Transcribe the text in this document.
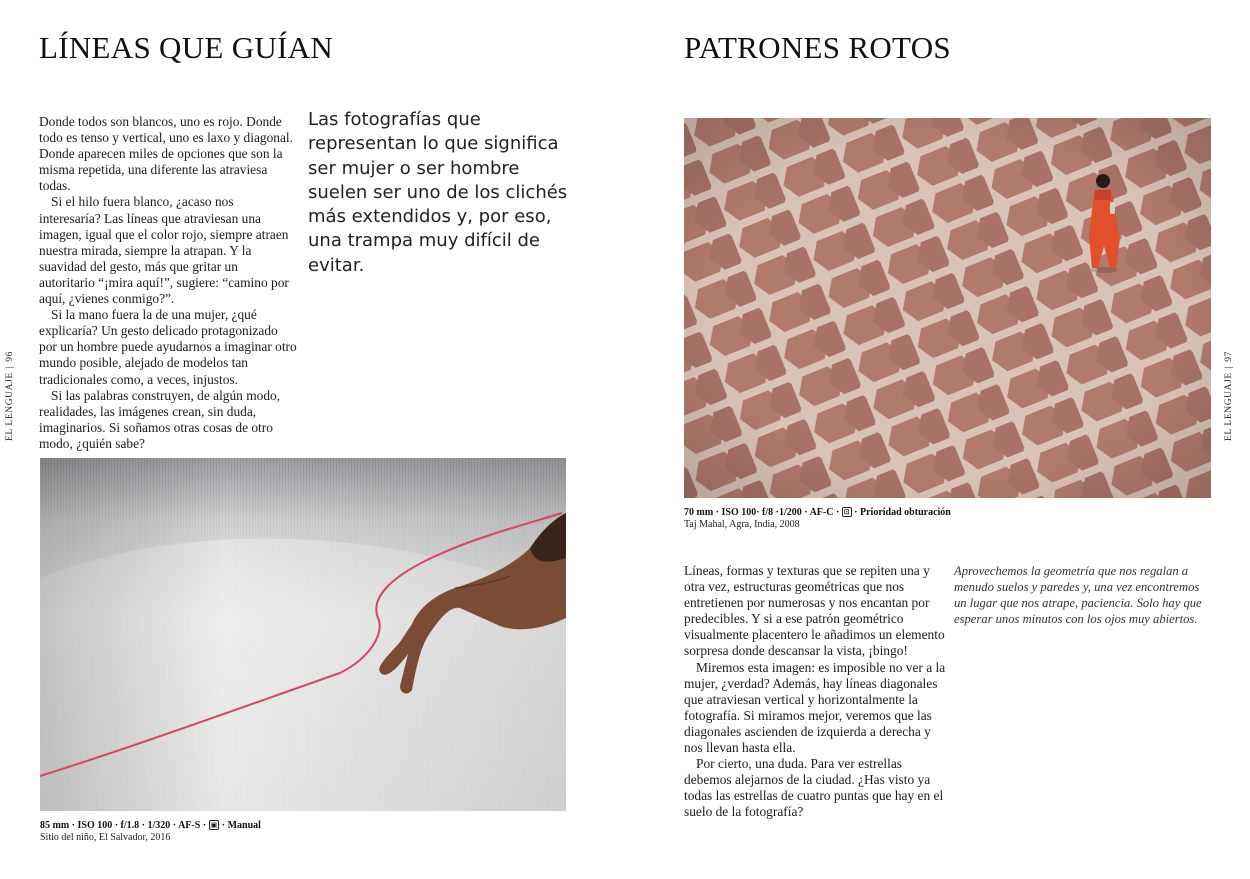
LÍNEAS QUE GUÍAN

Donde todos son blancos, uno es rojo. Donde todo es tenso y vertical, uno es laxo y diagonal. Donde aparecen miles de opciones que son la misma repetida, una diferente las atraviesa todas.

Si el hilo fuera blanco, ¿acaso nos interesaría? Las líneas que atraviesan una imagen, igual que el color rojo, siempre atraen nuestra mirada, siempre la atrapan. Y la suavidad del gesto, más que gritar un autoritario “¡mira aquí!”, sugiere: “camino por aquí, ¿vienes conmigo?”.

Si la mano fuera la de una mujer, ¿qué explicaría? Un gesto delicado protagonizado por un hombre puede ayudarnos a imaginar otro mundo posible, alejado de modelos tan tradicionales como, a veces, injustos.

Si las palabras construyen, de algún modo, realidades, las imágenes crean, sin duda, imaginarios. Si soñamos otras cosas de otro modo, ¿quién sabe?

Las fotografías que representan lo que significa ser mujer o ser hombre suelen ser uno de los clichés más extendidos y, por eso, una trampa muy difícil de evitar.
EL LENGUAJE|96
85 mm · ISO 100 · f/1.8 · 1/320 · AF-S · ▣ · Manual
Sitio del niño, El Salvador, 2016
PATRONES ROTOS
70 mm · ISO 100· f/8 ·1/200 · AF-C · ⊡ · Prioridad obturación
Taj Mahal, Agra, India, 2008

Líneas, formas y texturas que se repiten una y otra vez, estructuras geométricas que nos entretienen por numerosas y nos encantan por predecibles. Y si a ese patrón geométrico visualmente placentero le añadimos un elemento sorpresa donde descansar la vista, ¡bingo!

Miremos esta imagen: es imposible no ver a la mujer, ¿verdad? Además, hay líneas diagonales que atraviesan vertical y horizontalmente la fotografía. Si miramos mejor, veremos que las diagonales ascienden de izquierda a derecha y nos llevan hasta ella.

Por cierto, una duda. Para ver estrellas debemos alejarnos de la ciudad. ¿Has visto ya todas las estrellas de cuatro puntas que hay en el suelo de la fotografía?

Aprovechemos la geometría que nos regalan a menudo suelos y paredes y, una vez encontremos un lugar que nos atrape, paciencia. Solo hay que esperar unos minutos con los ojos muy abiertos.
EL LENGUAJE|97
